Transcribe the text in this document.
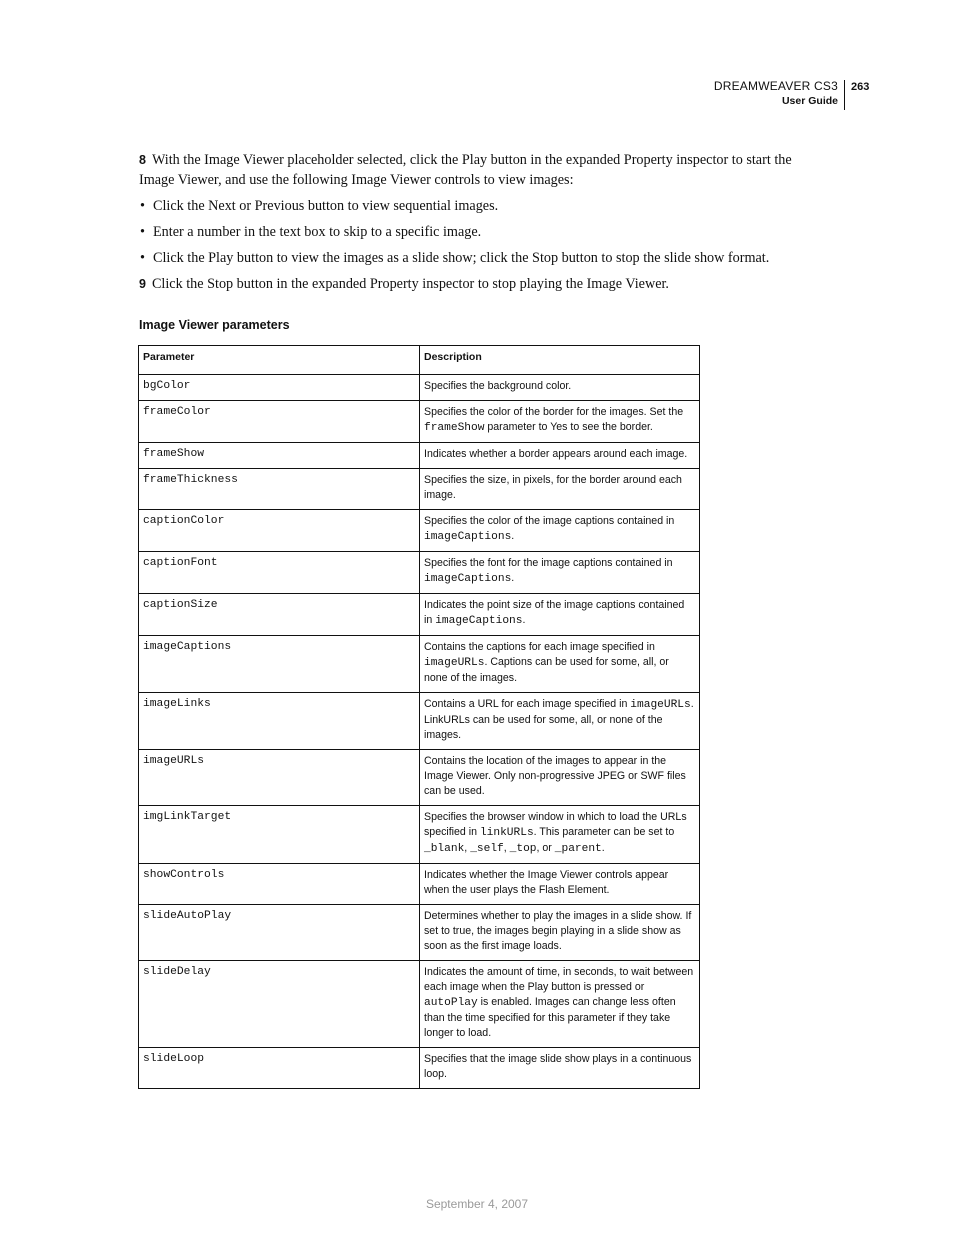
DREAMWEAVER CS3
User Guide
263

8 With the Image Viewer placeholder selected, click the Play button in the expanded Property inspector to start the Image Viewer, and use the following Image Viewer controls to view images:

• Click the Next or Previous button to view sequential images.

• Enter a number in the text box to skip to a specific image.

• Click the Play button to view the images as a slide show; click the Stop button to stop the slide show format.

9 Click the Stop button in the expanded Property inspector to stop playing the Image Viewer.

Image Viewer parameters
Parameter	Description
bgColor	Specifies the background color.
frameColor	Specifies the color of the border for the images. Set the frameShow parameter to Yes to see the border.
frameShow	Indicates whether a border appears around each image.
frameThickness	Specifies the size, in pixels, for the border around each image.
captionColor	Specifies the color of the image captions contained in imageCaptions.
captionFont	Specifies the font for the image captions contained in imageCaptions.
captionSize	Indicates the point size of the image captions contained in imageCaptions.
imageCaptions	Contains the captions for each image specified in imageURLs. Captions can be used for some, all, or none of the images.
imageLinks	Contains a URL for each image specified in imageURLs. LinkURLs can be used for some, all, or none of the images.
imageURLs	Contains the location of the images to appear in the Image Viewer. Only non-progressive JPEG or SWF files can be used.
imgLinkTarget	Specifies the browser window in which to load the URLs specified in linkURLs. This parameter can be set to _blank, _self, _top, or _parent.
showControls	Indicates whether the Image Viewer controls appear when the user plays the Flash Element.
slideAutoPlay	Determines whether to play the images in a slide show. If set to true, the images begin playing in a slide show as soon as the first image loads.
slideDelay	Indicates the amount of time, in seconds, to wait between each image when the Play button is pressed or autoPlay is enabled. Images can change less often than the time specified for this parameter if they take longer to load.
slideLoop	Specifies that the image slide show plays in a continuous loop.
September 4, 2007
